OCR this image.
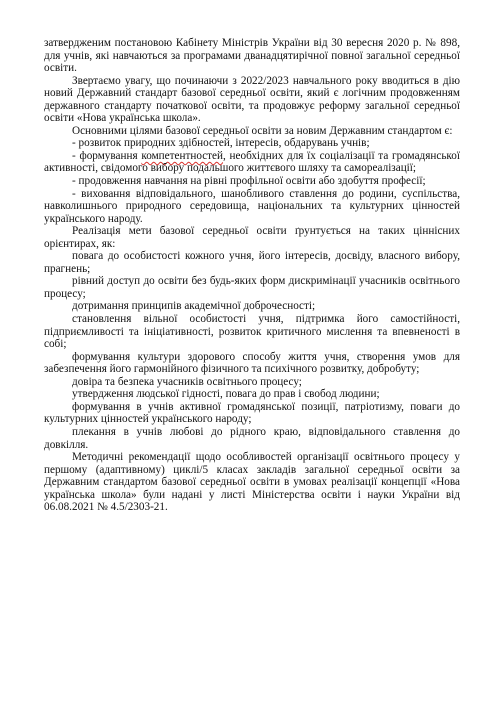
затвердженим постановою Кабінету Міністрів України від 30 вересня 2020 р. № 898, для учнів, які навчаються за програмами дванадцятирічної повної загальної середньої освіти.

Звертаємо увагу, що починаючи з 2022/2023 навчального року вводиться в дію новий Державний стандарт базової середньої освіти, який є логічним продовженням державного стандарту початкової освіти, та продовжує реформу загальної середньої освіти «Нова українська школа».

Основними цілями базової середньої освіти за новим Державним стандартом є:

- розвиток природних здібностей, інтересів, обдарувань учнів;

- формування компетентностей, необхідних для їх соціалізації та громадянської активності, свідомого вибору подальшого життєвого шляху та самореалізації;

- продовження навчання на рівні профільної освіти або здобуття професії;

- виховання відповідального, шанобливого ставлення до родини, суспільства, навколишнього природного середовища, національних та культурних цінностей українського народу.

Реалізація мети базової середньої освіти ґрунтується на таких ціннісних орієнтирах, як:

повага до особистості кожного учня, його інтересів, досвіду, власного вибору, прагнень;

рівний доступ до освіти без будь-яких форм дискримінації учасників освітнього процесу;

дотримання принципів академічної доброчесності;

становлення вільної особистості учня, підтримка його самостійності, підприємливості та ініціативності, розвиток критичного мислення та впевненості в собі;

формування культури здорового способу життя учня, створення умов для забезпечення його гармонійного фізичного та психічного розвитку, добробуту;

довіра та безпека учасників освітнього процесу;

утвердження людської гідності, повага до прав і свобод людини;

формування в учнів активної громадянської позиції, патріотизму, поваги до культурних цінностей українського народу;

плекання в учнів любові до рідного краю, відповідального ставлення до довкілля.

Методичні рекомендації щодо особливостей організації освітнього процесу у першому (адаптивному) циклі/5 класах закладів загальної середньої освіти за Державним стандартом базової середньої освіти в умовах реалізації концепції «Нова українська школа» були надані у листі Міністерства освіти і науки України від 06.08.2021 № 4.5/2303-21.
